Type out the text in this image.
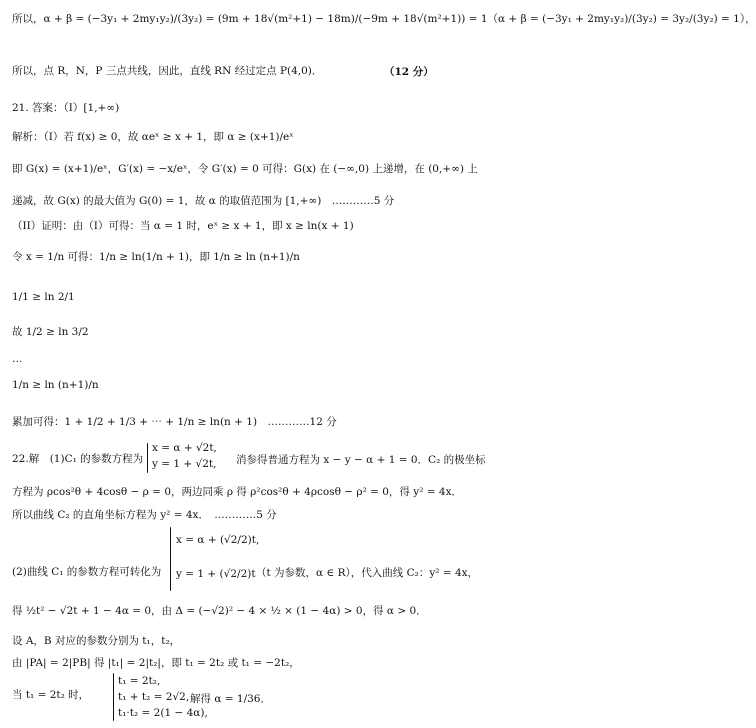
所以，α + β = (−3y₁ + 2my₁y₂)/(3y₂) = (9m + 18√(m²+1) − 18m)/(−9m + 18√(m²+1)) = 1（α + β = (−3y₁ + 2my₁y₂)/(3y₂) = 3y₂/(3y₂) = 1），
所以，点 R，N，P 三点共线，因此，直线 RN 经过定点 P(4,0)．
21. 答案：（I）[1,+∞)
解析：（I）若 f(x) ≥ 0，故 αeˣ ≥ x + 1，即 α ≥ (x+1)/eˣ
即 G(x) = (x+1)/eˣ，G′(x) = −x/eˣ，令 G′(x) = 0 可得：G(x) 在 (−∞,0) 上递增，在 (0,+∞) 上
递减，故 G(x) 的最大值为 G(0) = 1，故 α 的取值范围为 [1,+∞)　…………5 分
（II）证明：由（I）可得：当 α = 1 时，eˣ ≥ x + 1，即 x ≥ ln(x + 1)
令 x = 1/n 可得：1/n ≥ ln(1/n + 1)，即 1/n ≥ ln (n+1)/n
1/1 ≥ ln 2/1
故 1/2 ≥ ln 3/2
…
1/n ≥ ln (n+1)/n
累加可得：1 + 1/2 + 1/3 + ⋯ + 1/n ≥ ln(n + 1)　…………12 分
22.解　(1)C₁ 的参数方程为
方程为 ρcos²θ + 4cosθ − ρ = 0，两边同乘 ρ 得 ρ²cos²θ + 4ρcosθ − ρ² = 0，得 y² = 4x．
所以曲线 C₂ 的直角坐标方程为 y² = 4x．　…………5 分
(2)曲线 C₁ 的参数方程可转化为
得 ½t² − √2t + 1 − 4α = 0，由 Δ = (−√2)² − 4 × ½ × (1 − 4α) > 0，得 α > 0．
设 A，B 对应的参数分别为 t₁，t₂，
由 |PA| = 2|PB| 得 |t₁| = 2|t₂|，即 t₁ = 2t₂ 或 t₁ = −2t₂，
当 t₁ = 2t₂ 时，
（12 分）
x = α + √2t,
y = 1 + √2t, 消参得普通方程为 x − y − α + 1 = 0．C₂ 的极坐标
x = α + (√2/2)t,
y = 1 + (√2/2)t （t 为参数，α ∈ R），代入曲线 C₂：y² = 4x，
t₁ = 2t₂,
t₁ + t₂ = 2√2,
t₁·t₂ = 2(1 − 4α),
解得 α = 1/36．
